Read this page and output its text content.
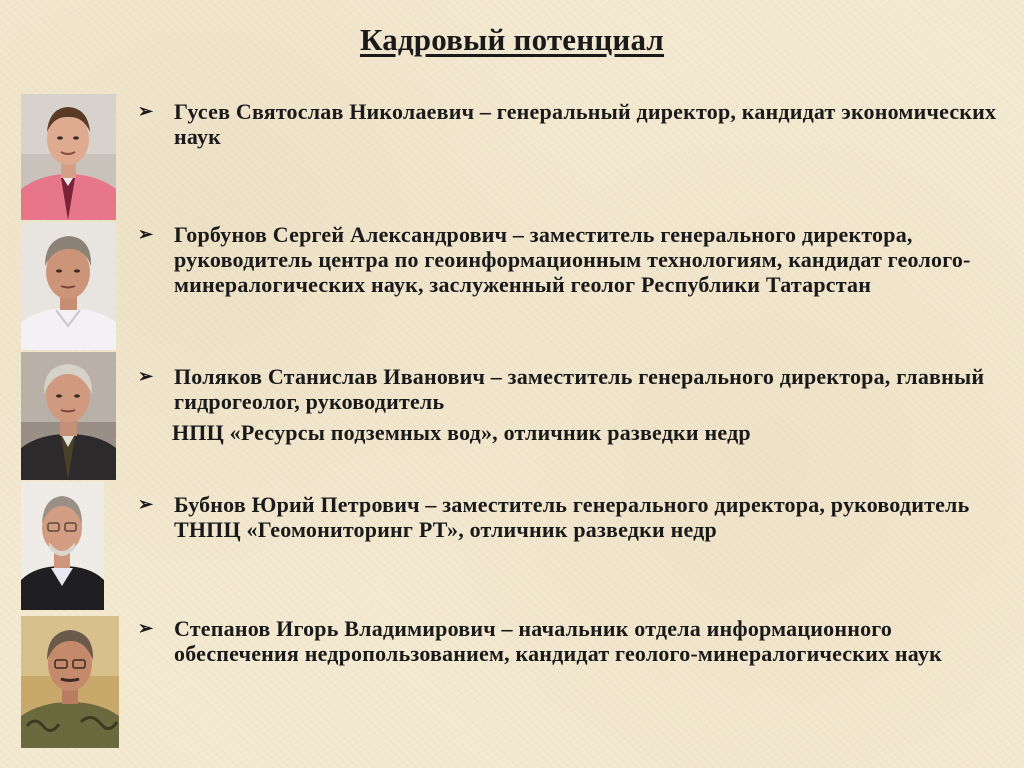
Кадровый потенциал
➢ Гусев Святослав Николаевич – генеральный директор, кандидат экономических наук
➢ Горбунов Сергей Александрович – заместитель генерального директора, руководитель центра по геоинформационным технологиям, кандидат геолого-минералогических наук, заслуженный геолог Республики Татарстан
➢ Поляков Станислав Иванович – заместитель генерального директора, главный гидрогеолог, руководитель
НПЦ «Ресурсы подземных вод», отличник разведки недр
➢ Бубнов Юрий Петрович – заместитель генерального директора, руководитель ТНПЦ «Геомониторинг РТ», отличник разведки недр
➢ Степанов Игорь Владимирович – начальник отдела информационного обеспечения недропользованием, кандидат геолого-минералогических наук
